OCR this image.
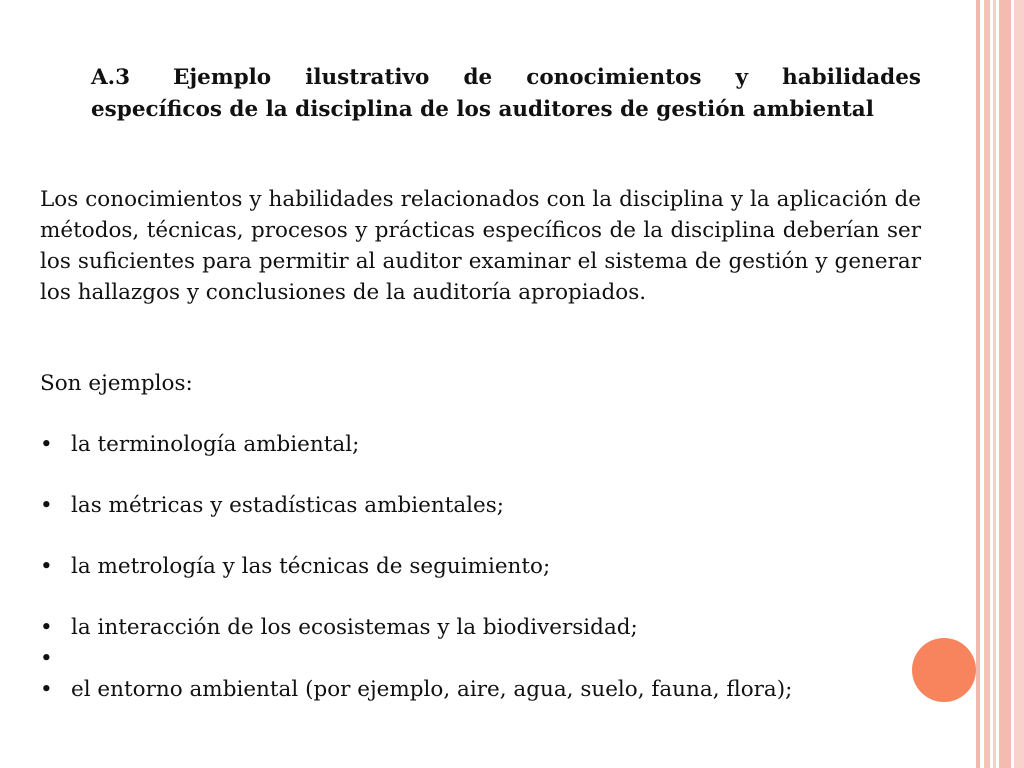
A.3 Ejemplo ilustrativo de conocimientos y habilidades específicos de la disciplina de los auditores de gestión ambiental
Los conocimientos y habilidades relacionados con la disciplina y la aplicación de métodos, técnicas, procesos y prácticas específicos de la disciplina deberían ser los suficientes para permitir al auditor examinar el sistema de gestión y generar los hallazgos y conclusiones de la auditoría apropiados.
Son ejemplos:
• la terminología ambiental;
• las métricas y estadísticas ambientales;
• la metrología y las técnicas de seguimiento;
• la interacción de los ecosistemas y la biodiversidad;
•
• el entorno ambiental (por ejemplo, aire, agua, suelo, fauna, flora);
